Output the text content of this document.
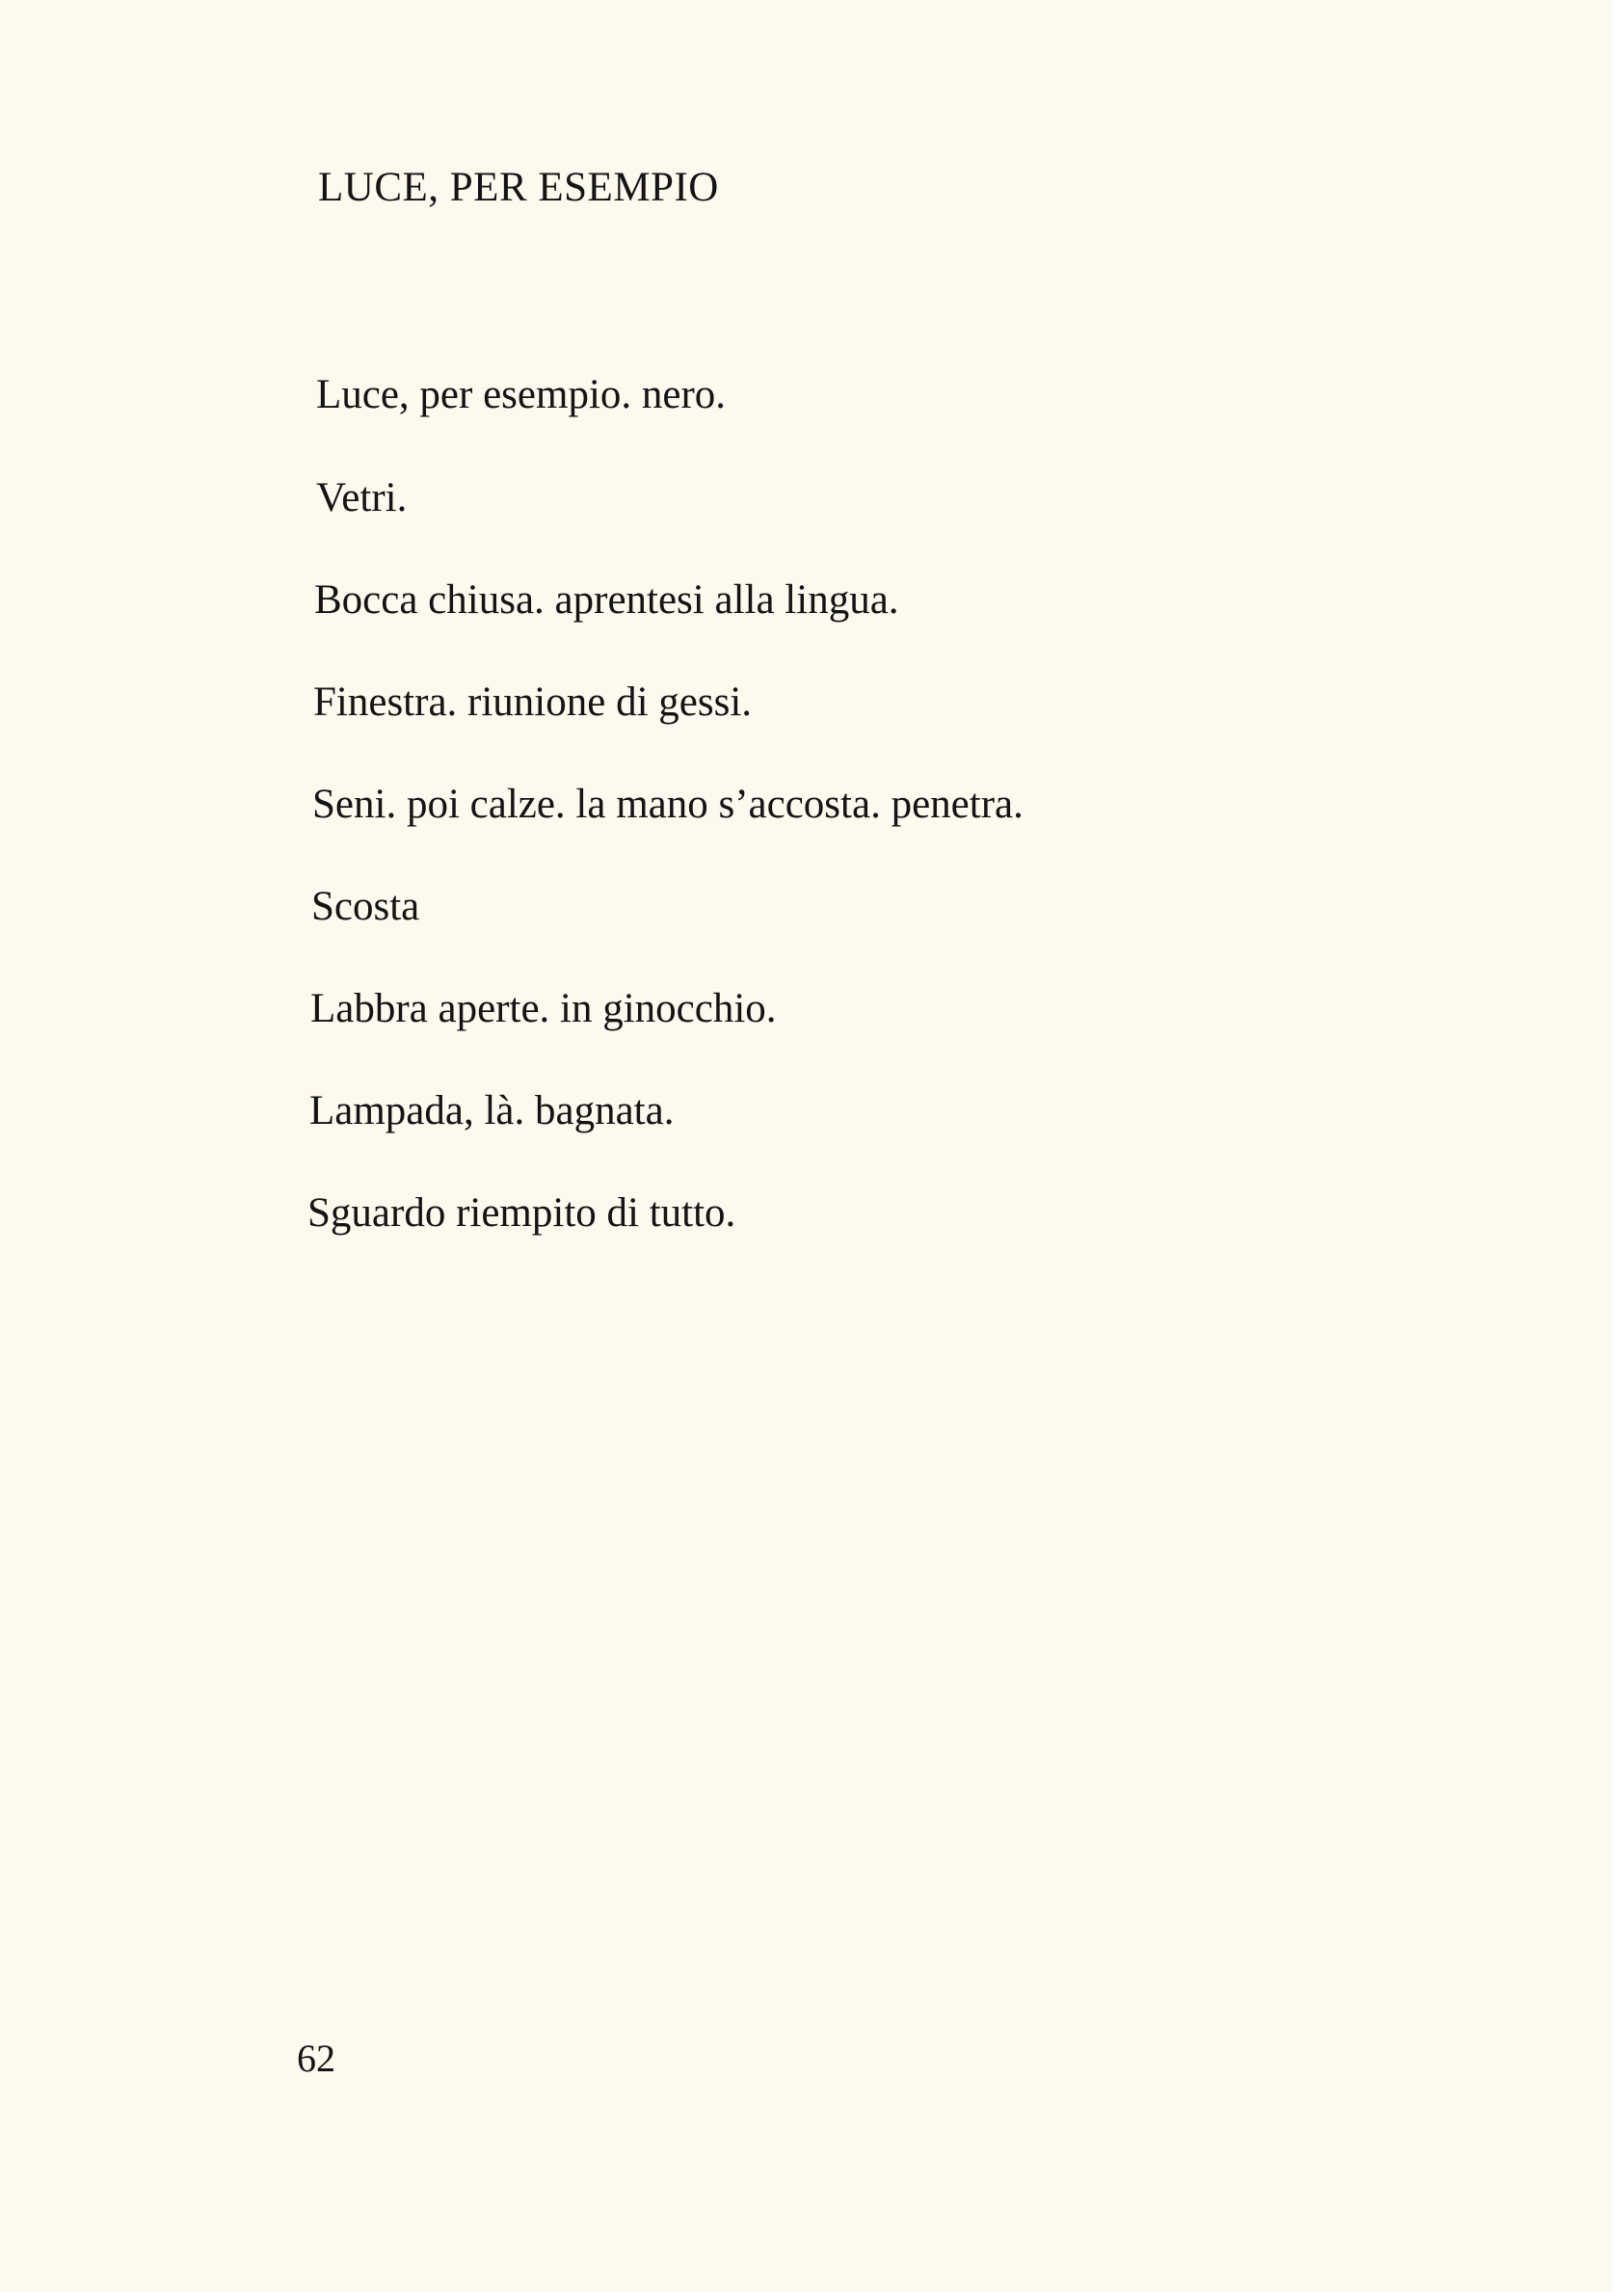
LUCE, PER ESEMPIO
Luce, per esempio. nero.
Vetri.
Bocca chiusa. aprentesi alla lingua.
Finestra. riunione di gessi.
Seni. poi calze. la mano s’accosta. penetra.
Scosta
Labbra aperte. in ginocchio.
Lampada, là. bagnata.
Sguardo riempito di tutto.
62
